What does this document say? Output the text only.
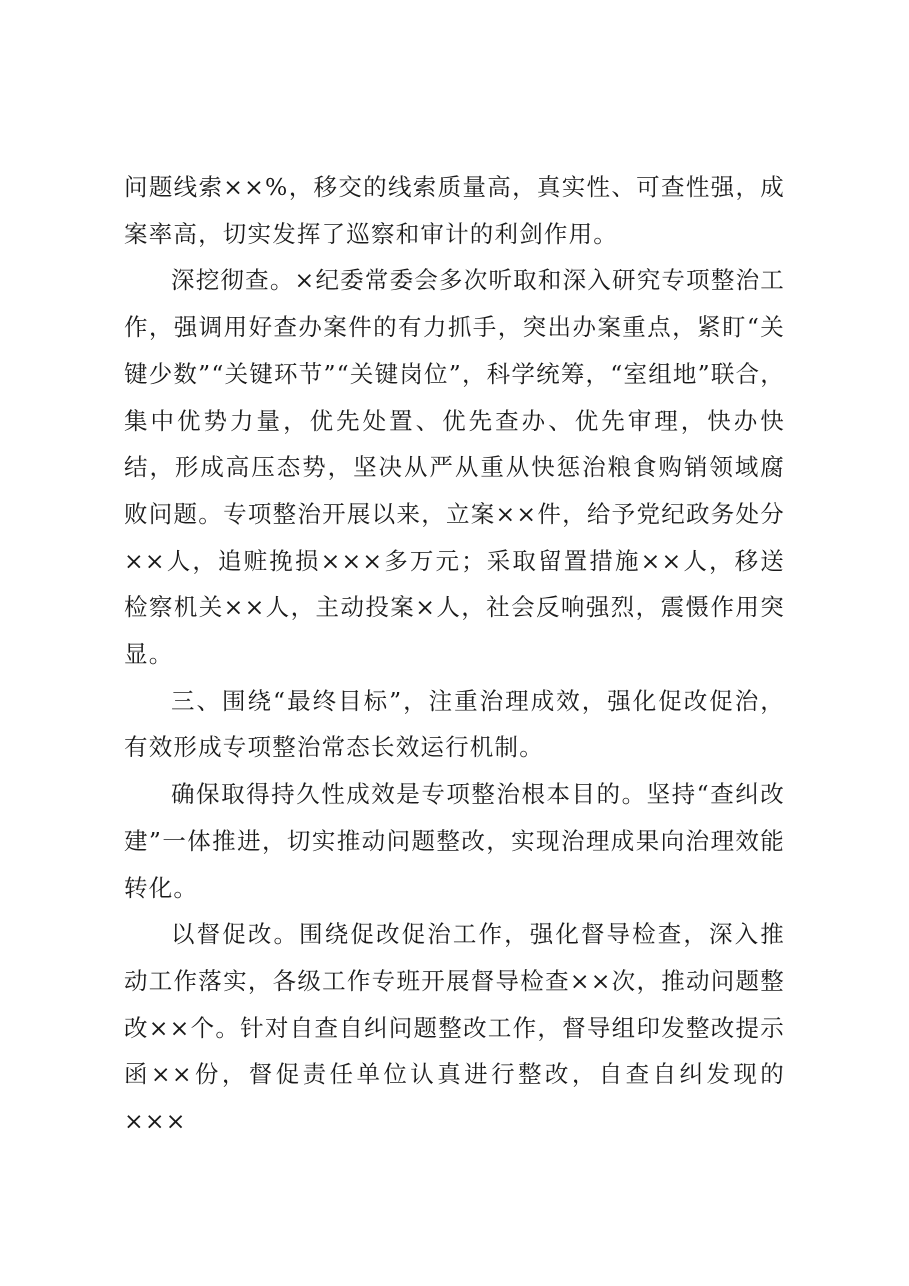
问题线索××%，移交的线索质量高，真实性、可查性强，成案率高，切实发挥了巡察和审计的利剑作用。

深挖彻查。×纪委常委会多次听取和深入研究专项整治工作，强调用好查办案件的有力抓手，突出办案重点，紧盯“关键少数”“关键环节”“关键岗位”，科学统筹，“室组地”联合，集中优势力量，优先处置、优先查办、优先审理，快办快结，形成高压态势，坚决从严从重从快惩治粮食购销领域腐败问题。专项整治开展以来，立案××件，给予党纪政务处分××人，追赃挽损×××多万元；采取留置措施××人，移送检察机关××人，主动投案×人，社会反响强烈，震慑作用突显。

三、围绕“最终目标”，注重治理成效，强化促改促治，有效形成专项整治常态长效运行机制。

确保取得持久性成效是专项整治根本目的。坚持“查纠改建”一体推进，切实推动问题整改，实现治理成果向治理效能转化。

以督促改。围绕促改促治工作，强化督导检查，深入推动工作落实，各级工作专班开展督导检查××次，推动问题整改××个。针对自查自纠问题整改工作，督导组印发整改提示函××份，督促责任单位认真进行整改，自查自纠发现的×××
